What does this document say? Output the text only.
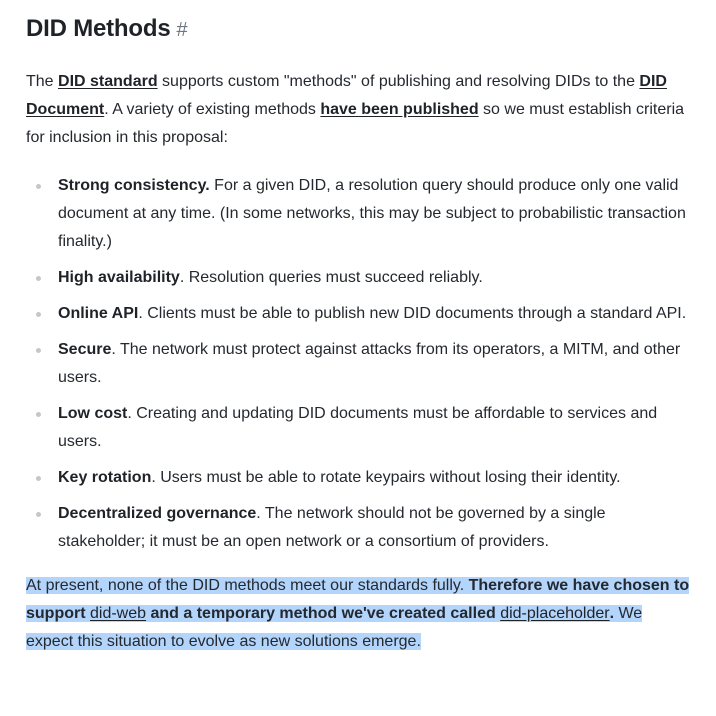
DID Methods #

The DID standard supports custom "methods" of publishing and resolving DIDs to the DID Document. A variety of existing methods have been published so we must establish criteria for inclusion in this proposal:

Strong consistency. For a given DID, a resolution query should produce only one valid document at any time. (In some networks, this may be subject to probabilistic transaction finality.)
High availability. Resolution queries must succeed reliably.
Online API. Clients must be able to publish new DID documents through a standard API.
Secure. The network must protect against attacks from its operators, a MITM, and other users.
Low cost. Creating and updating DID documents must be affordable to services and users.
Key rotation. Users must be able to rotate keypairs without losing their identity.
Decentralized governance. The network should not be governed by a single stakeholder; it must be an open network or a consortium of providers.

At present, none of the DID methods meet our standards fully. Therefore we have chosen to support did-web and a temporary method we've created called did-placeholder. We expect this situation to evolve as new solutions emerge.
